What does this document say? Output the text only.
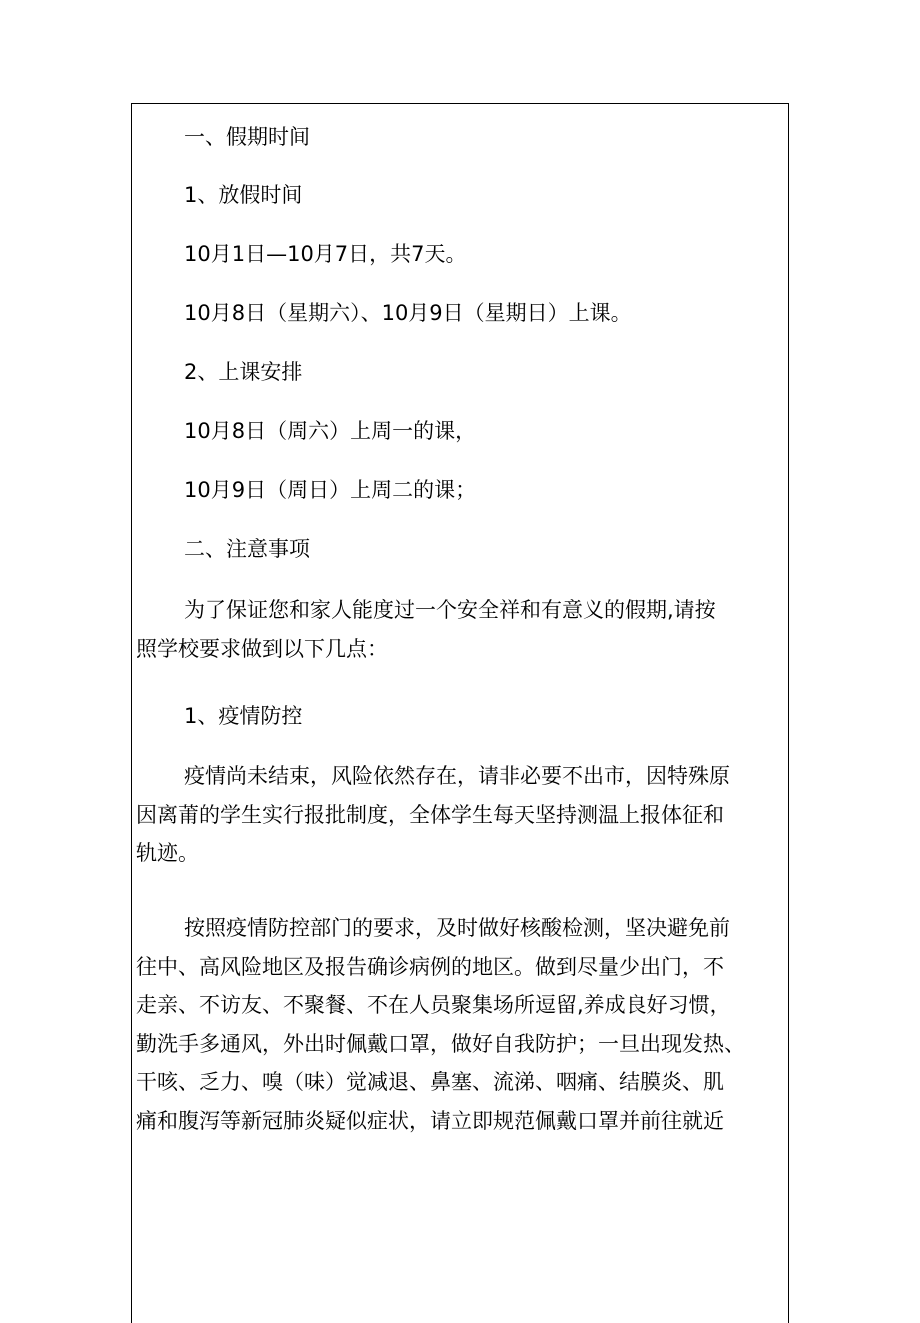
一、假期时间
1、放假时间
10月1日—10月7日，共7天。
10月8日（星期六）、10月9日（星期日）上课。
2、上课安排
10月8日（周六）上周一的课，
10月9日（周日）上周二的课；
二、注意事项
为了保证您和家人能度过一个安全祥和有意义的假期,请按
照学校要求做到以下几点：
1、疫情防控
疫情尚未结束，风险依然存在，请非必要不出市，因特殊原
因离莆的学生实行报批制度，全体学生每天坚持测温上报体征和
轨迹。
按照疫情防控部门的要求，及时做好核酸检测，坚决避免前
往中、高风险地区及报告确诊病例的地区。做到尽量少出门，不
走亲、不访友、不聚餐、不在人员聚集场所逗留,养成良好习惯，
勤洗手多通风，外出时佩戴口罩，做好自我防护；一旦出现发热、
干咳、乏力、嗅（味）觉减退、鼻塞、流涕、咽痛、结膜炎、肌
痛和腹泻等新冠肺炎疑似症状，请立即规范佩戴口罩并前往就近
